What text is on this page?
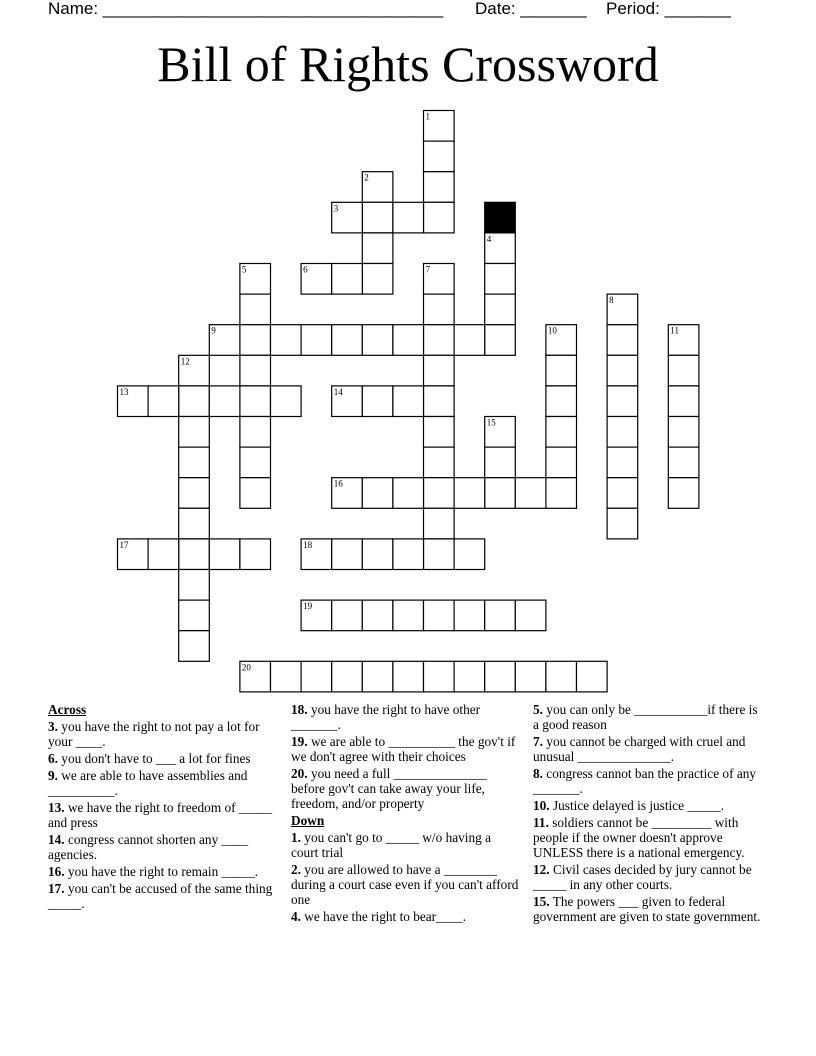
Name: ____________________________________ Date: _______ Period: _______
Bill of Rights Crossword
1
2
3
4
5	6	7
8
9	10	11
12
13	14
15
16
17	18
19
20
Across
3. you have the right to not pay a lot for your ____.
6. you don't have to ___ a lot for fines
9. we are able to have assemblies and __________.
13. we have the right to freedom of _____ and press
14. congress cannot shorten any ____ agencies.
16. you have the right to remain _____.
17. you can't be accused of the same thing _____.
18. you have the right to have other _______.
19. we are able to __________ the gov't if we don't agree with their choices
20. you need a full ______________ before gov't can take away your life, freedom, and/or property
Down
1. you can't go to _____ w/o having a court trial
2. you are allowed to have a ________ during a court case even if you can't afford one
4. we have the right to bear____.
5. you can only be ___________if there is a good reason
7. you cannot be charged with cruel and unusual ______________.
8. congress cannot ban the practice of any _______.
10. Justice delayed is justice _____.
11. soldiers cannot be _________ with people if the owner doesn't approve UNLESS there is a national emergency.
12. Civil cases decided by jury cannot be _____ in any other courts.
15. The powers ___ given to federal government are given to state government.
